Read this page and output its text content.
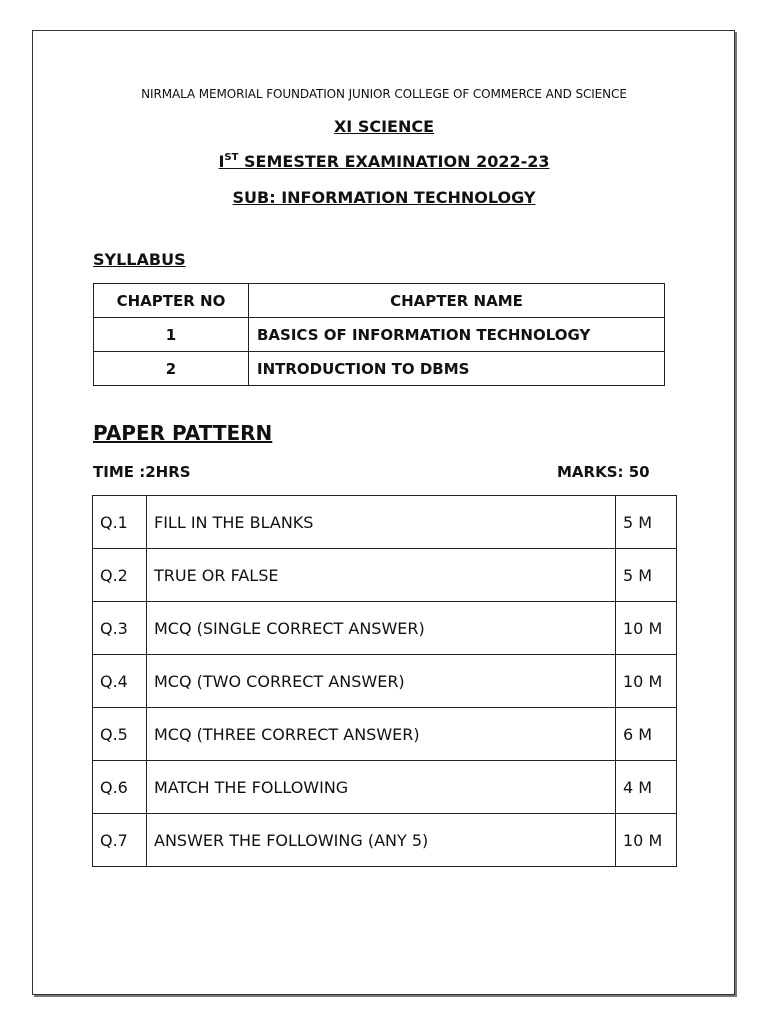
NIRMALA MEMORIAL FOUNDATION JUNIOR COLLEGE OF COMMERCE AND SCIENCE
XI SCIENCE
IST SEMESTER EXAMINATION 2022-23
SUB: INFORMATION TECHNOLOGY
SYLLABUS
CHAPTER NO	CHAPTER NAME
1	BASICS OF INFORMATION TECHNOLOGY
2	INTRODUCTION TO DBMS
PAPER PATTERN
TIME :2HRS	MARKS: 50
Q.1	FILL IN THE BLANKS	5 M
Q.2	TRUE OR FALSE	5 M
Q.3	MCQ (SINGLE CORRECT ANSWER)	10 M
Q.4	MCQ (TWO CORRECT ANSWER)	10 M
Q.5	MCQ (THREE CORRECT ANSWER)	6 M
Q.6	MATCH THE FOLLOWING	4 M
Q.7	ANSWER THE FOLLOWING (ANY 5)	10 M
